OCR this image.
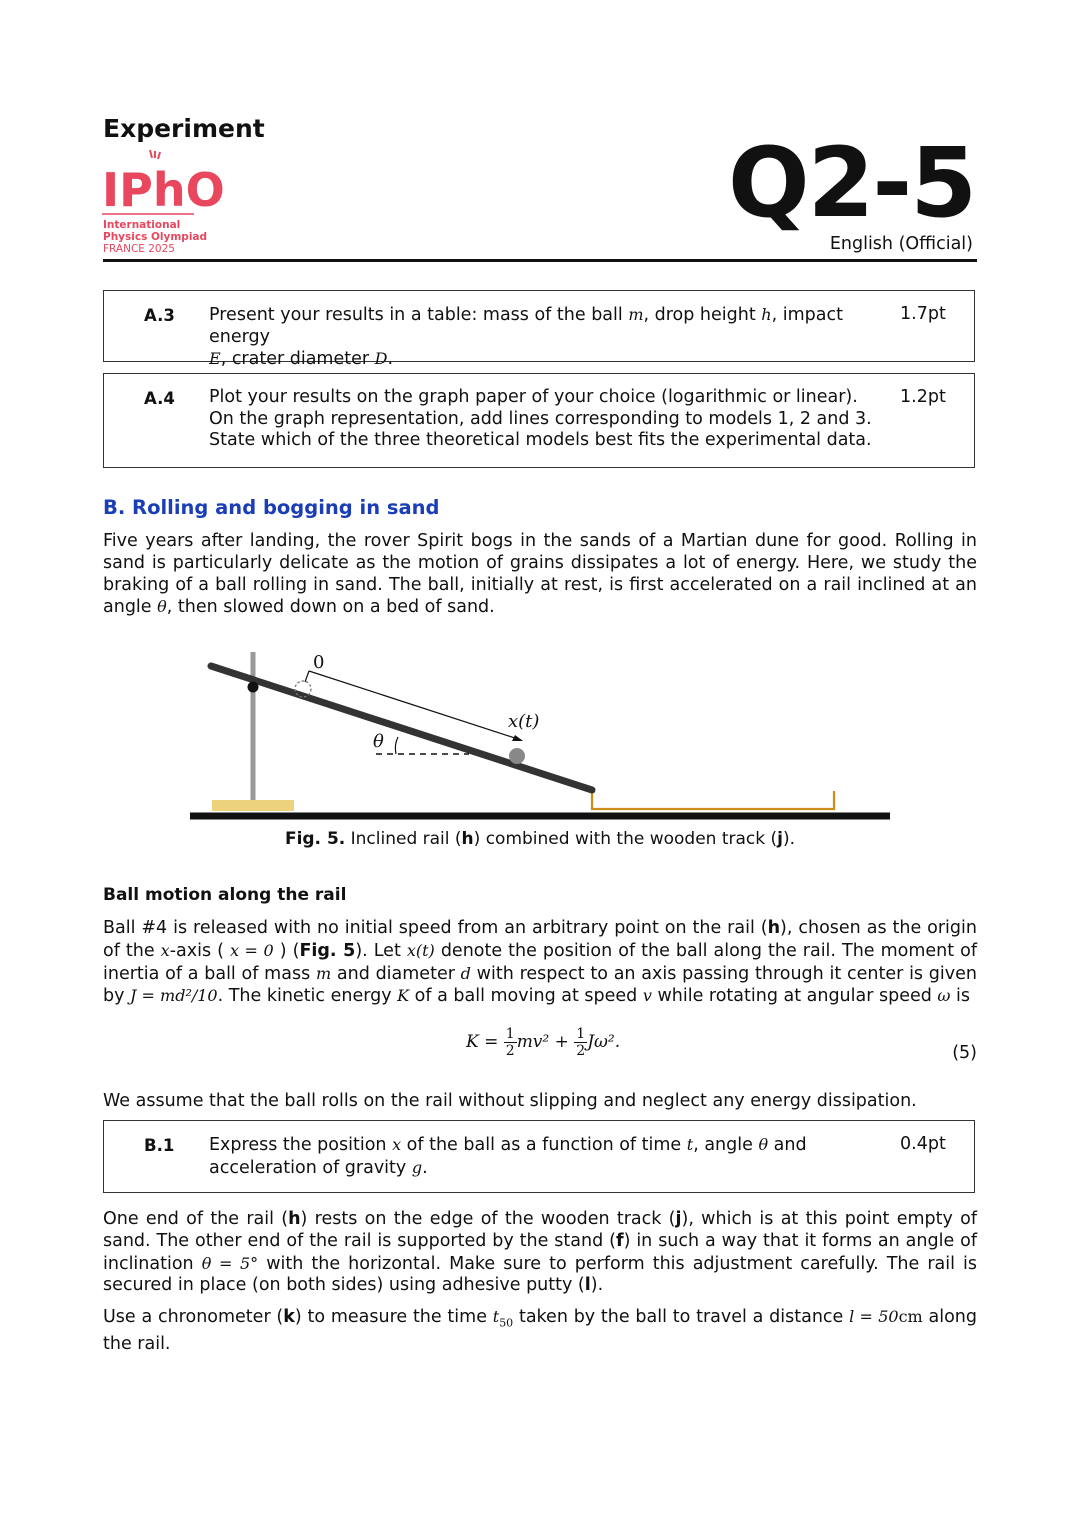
Experiment
IPhO
International
Physics Olympiad
FRANCE 2025
Q2-5
English (Official)
A.3 Present your results in a table: mass of the ball m, drop height h, impact energy
E, crater diameter D.
1.7pt
A.4 Plot your results on the graph paper of your choice (logarithmic or linear). On the graph representation, add lines corresponding to models 1, 2 and 3. State which of the three theoretical models best fits the experimental data.
1.2pt
B. Rolling and bogging in sand
Five years after landing, the rover Spirit bogs in the sands of a Martian dune for good. Rolling in sand is particularly delicate as the motion of grains dissipates a lot of energy. Here, we study the braking of a ball rolling in sand. The ball, initially at rest, is first accelerated on a rail inclined at an angle θ, then slowed down on a bed of sand.
0
x(t)
θ
Fig. 5. Inclined rail (h) combined with the wooden track (j).
Ball motion along the rail
Ball #4 is released with no initial speed from an arbitrary point on the rail (h), chosen as the origin of the x-axis ( x = 0 ) (Fig. 5). Let x(t) denote the position of the ball along the rail. The moment of inertia of a ball of mass m and diameter d with respect to an axis passing through it center is given by J = md²/10. The kinetic energy K of a ball moving at speed v while rotating at angular speed ω is
$K = \frac{1}{2} mv^2 + \frac{1}{2} J\omega^2$.
(5)
We assume that the ball rolls on the rail without slipping and neglect any energy dissipation.
B.1 Express the position x of the ball as a function of time t, angle θ and acceleration of gravity g.
0.4pt
One end of the rail (h) rests on the edge of the wooden track (j), which is at this point empty of sand. The other end of the rail is supported by the stand (f) in such a way that it forms an angle of inclination θ = 5° with the horizontal. Make sure to perform this adjustment carefully. The rail is secured in place (on both sides) using adhesive putty (l).
Use a chronometer (k) to measure the time $t_{50}$ taken by the ball to travel a distance l = 50cm along the rail.
